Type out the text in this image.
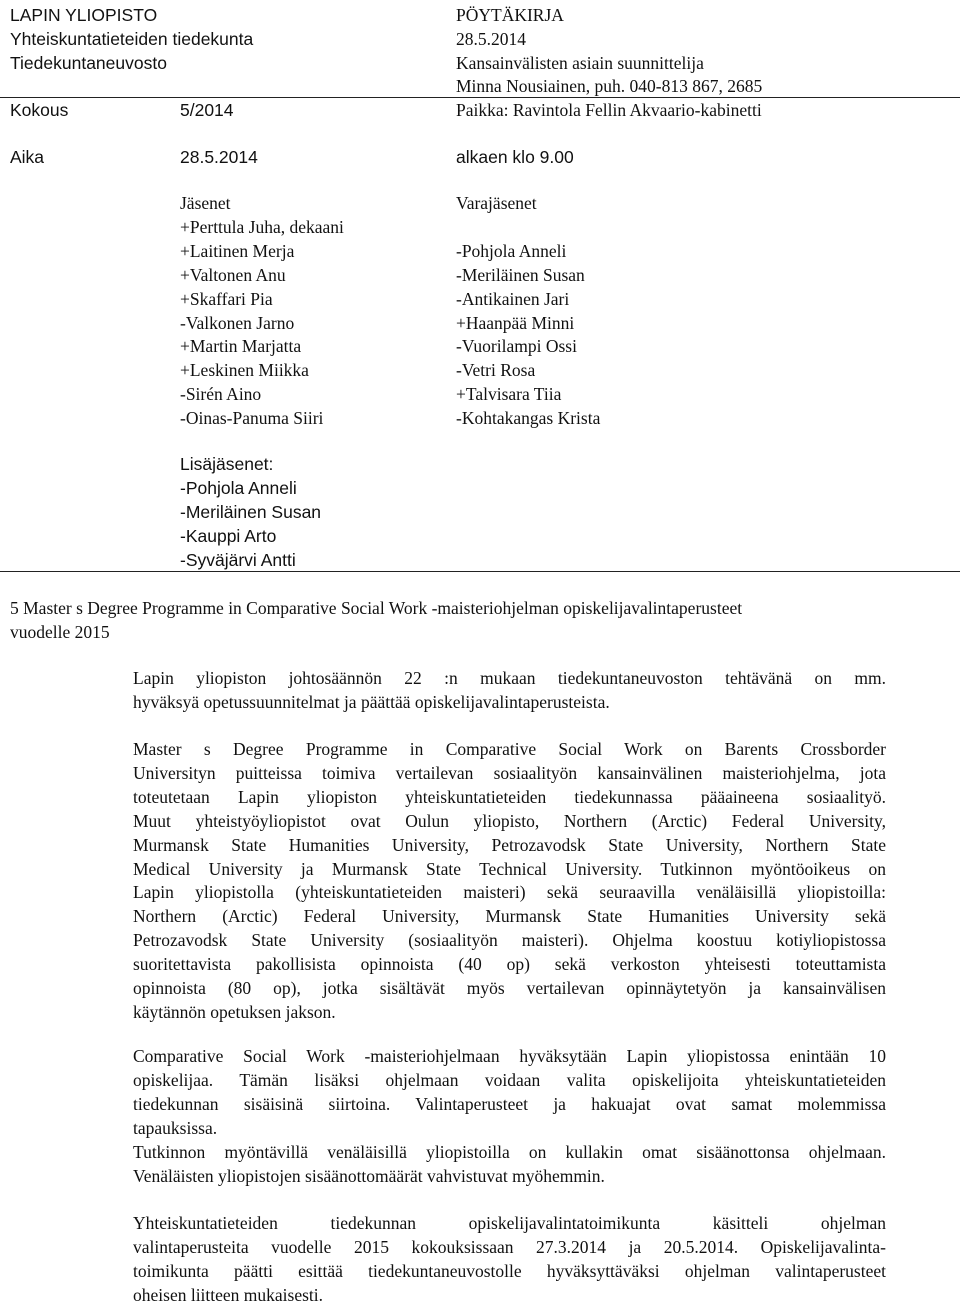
LAPIN YLIOPISTO
Yhteiskuntatieteiden tiedekunta
Tiedekuntaneuvosto
PÖYTÄKIRJA
28.5.2014
Kansainvälisten asiain suunnittelija
Minna Nousiainen, puh. 040-813 867, 2685
Kokous	5/2014	Paikka: Ravintola Fellin Akvaario-kabinetti
Aika	28.5.2014	alkaen klo 9.00
Jäsenet
+Perttula Juha, dekaani
+Laitinen Merja
+Valtonen Anu
+Skaffari Pia
-Valkonen Jarno
+Martin Marjatta
+Leskinen Miikka
-Sirén Aino
-Oinas-Panuma Siiri
Varajäsenet
-Pohjola Anneli
-Meriläinen Susan
-Antikainen Jari
+Haanpää Minni
-Vuorilampi Ossi
-Vetri Rosa
+Talvisara Tiia
-Kohtakangas Krista
Lisäjäsenet:
-Pohjola Anneli
-Meriläinen Susan
-Kauppi Arto
-Syväjärvi Antti
5 Master s Degree Programme in Comparative Social Work -maisteriohjelman opiskelijavalintaperusteet
vuodelle 2015
Lapin yliopiston johtosäännön 22 :n mukaan tiedekuntaneuvoston tehtävänä on mm.
hyväksyä opetussuunnitelmat ja päättää opiskelijavalintaperusteista.
Master s Degree Programme in Comparative Social Work on Barents Crossborder
Universityn puitteissa toimiva vertailevan sosiaalityön kansainvälinen maisteriohjelma, jota
toteutetaan Lapin yliopiston yhteiskuntatieteiden tiedekunnassa pääaineena sosiaalityö.
Muut yhteistyöyliopistot ovat Oulun yliopisto, Northern (Arctic) Federal University,
Murmansk State Humanities University, Petrozavodsk State University, Northern State
Medical University ja Murmansk State Technical University. Tutkinnon myöntöoikeus on
Lapin yliopistolla (yhteiskuntatieteiden maisteri) sekä seuraavilla venäläisillä yliopistoilla:
Northern (Arctic) Federal University, Murmansk State Humanities University sekä
Petrozavodsk State University (sosiaalityön maisteri). Ohjelma koostuu kotiyliopistossa
suoritettavista pakollisista opinnoista (40 op) sekä verkoston yhteisesti toteuttamista
opinnoista (80 op), jotka sisältävät myös vertailevan opinnäytetyön ja kansainvälisen
käytännön opetuksen jakson.
Comparative Social Work -maisteriohjelmaan hyväksytään Lapin yliopistossa enintään 10
opiskelijaa. Tämän lisäksi ohjelmaan voidaan valita opiskelijoita yhteiskuntatieteiden
tiedekunnan sisäisinä siirtoina. Valintaperusteet ja hakuajat ovat samat molemmissa
tapauksissa.
Tutkinnon myöntävillä venäläisillä yliopistoilla on kullakin omat sisäänottonsa ohjelmaan.
Venäläisten yliopistojen sisäänottomäärät vahvistuvat myöhemmin.
Yhteiskuntatieteiden tiedekunnan opiskelijavalintatoimikunta käsitteli ohjelman
valintaperusteita vuodelle 2015 kokouksissaan 27.3.2014 ja 20.5.2014. Opiskelijavalinta-
toimikunta päätti esittää tiedekuntaneuvostolle hyväksyttäväksi ohjelman valintaperusteet
oheisen liitteen mukaisesti.
